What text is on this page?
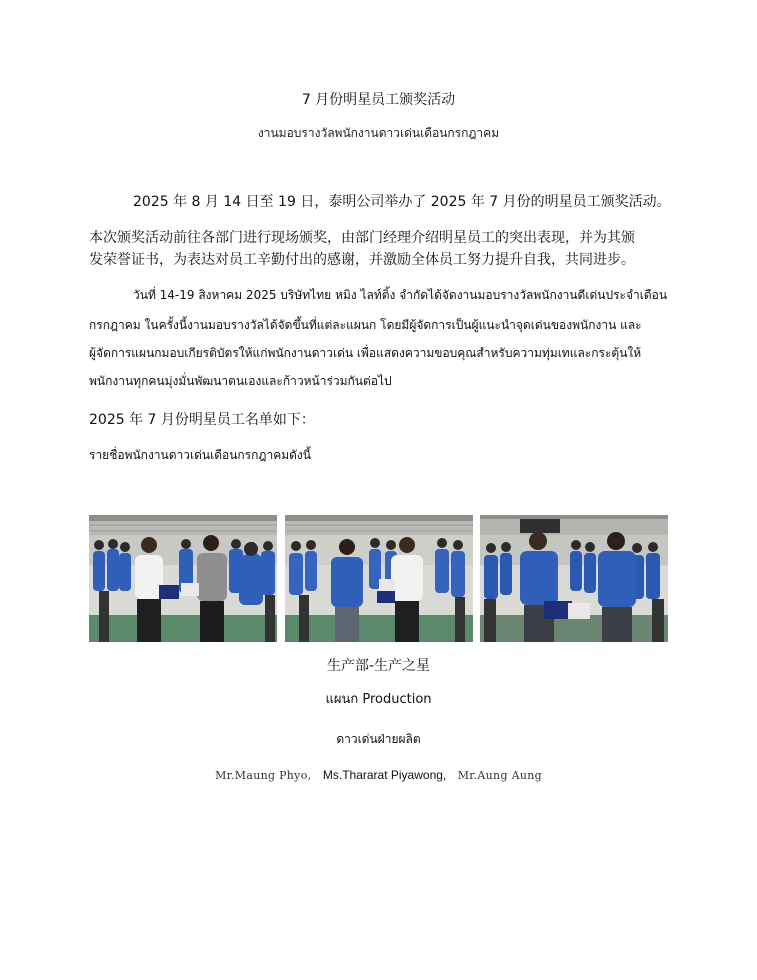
7 月份明星员工颁奖活动
งานมอบรางวัลพนักงานดาวเด่นเดือนกรกฎาคม
2025 年 8 月 14 日至 19 日，泰明公司举办了 2025 年 7 月份的明星员工颁奖活动。
本次颁奖活动前往各部门进行现场颁奖，由部门经理介绍明星员工的突出表现，并为其颁
发荣誉证书，为表达对员工辛勤付出的感谢，并激励全体员工努力提升自我，共同进步。
วันที่ 14-19 สิงหาคม 2025 บริษัทไทย หมิง ไลท์ติ้ง จำกัดได้จัดงานมอบรางวัลพนักงานดีเด่นประจำเดือน
กรกฎาคม ในครั้งนี้งานมอบรางวัลได้จัดขึ้นที่แต่ละแผนก โดยมีผู้จัดการเป็นผู้แนะนำจุดเด่นของพนักงาน และ
ผู้จัดการแผนกมอบเกียรติบัตรให้แก่พนักงานดาวเด่น เพื่อแสดงความขอบคุณสำหรับความทุ่มเทและกระตุ้นให้
พนักงานทุกคนมุ่งมั่นพัฒนาตนเองและก้าวหน้าร่วมกันต่อไป
2025 年 7 月份明星员工名单如下：
รายชื่อพนักงานดาวเด่นเดือนกรกฎาคมดังนี้
生产部-生产之星
แผนก Production
ดาวเด่นฝ่ายผลิต
Mr.Maung Phyo, Ms.Thararat Piyawong, Mr.Aung Aung
